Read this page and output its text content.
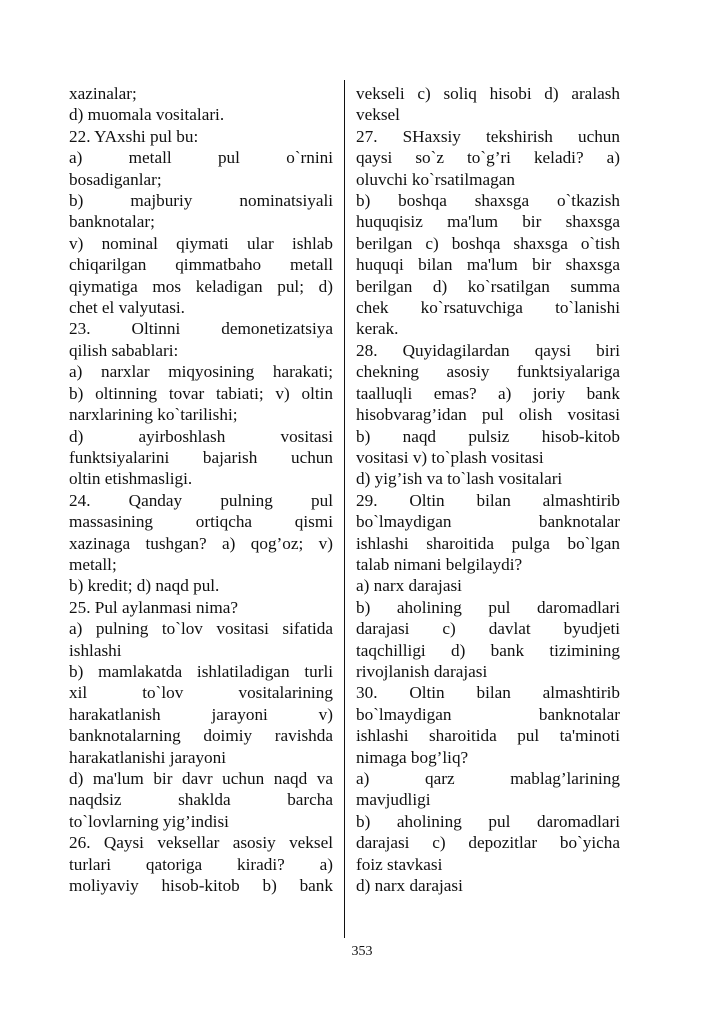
xazinalar;
d) muomala vositalari.
22. YAxshi pul bu:
a) metall pul o`rnini
bosadiganlar;
b) majburiy nominatsiyali
banknotalar;
v) nominal qiymati ular ishlab
chiqarilgan qimmatbaho metall
qiymatiga mos keladigan pul; d)
chet el valyutasi.
23. Oltinni demonetizatsiya
qilish sabablari:
a) narxlar miqyosining harakati;
b) oltinning tovar tabiati; v) oltin
narxlarining ko`tarilishi;
d) ayirboshlash vositasi
funktsiyalarini bajarish uchun
oltin etishmasligi.
24. Qanday pulning pul
massasining ortiqcha qismi
xazinaga tushgan? a) qog’oz; v)
metall;
b) kredit; d) naqd pul.
25. Pul aylanmasi nima?
a) pulning to`lov vositasi sifatida
ishlashi
b) mamlakatda ishlatiladigan turli
xil to`lov vositalarining
harakatlanish jarayoni v)
banknotalarning doimiy ravishda
harakatlanishi jarayoni
d) ma'lum bir davr uchun naqd va
naqdsiz shaklda barcha
to`lovlarning yig’indisi
26. Qaysi veksellar asosiy veksel
turlari qatoriga kiradi? a)
moliyaviy hisob-kitob b) bank
vekseli c) soliq hisobi d) aralash
veksel
27. SHaxsiy tekshirish uchun
qaysi so`z to`g’ri keladi? a)
oluvchi ko`rsatilmagan
b) boshqa shaxsga o`tkazish
huquqisiz ma'lum bir shaxsga
berilgan c) boshqa shaxsga o`tish
huquqi bilan ma'lum bir shaxsga
berilgan d) ko`rsatilgan summa
chek ko`rsatuvchiga to`lanishi
kerak.
28. Quyidagilardan qaysi biri
chekning asosiy funktsiyalariga
taalluqli emas? a) joriy bank
hisobvarag’idan pul olish vositasi
b) naqd pulsiz hisob-kitob
vositasi v) to`plash vositasi
d) yig’ish va to`lash vositalari
29. Oltin bilan almashtirib
bo`lmaydigan banknotalar
ishlashi sharoitida pulga bo`lgan
talab nimani belgilaydi?
a) narx darajasi
b) aholining pul daromadlari
darajasi c) davlat byudjeti
taqchilligi d) bank tizimining
rivojlanish darajasi
30. Oltin bilan almashtirib
bo`lmaydigan banknotalar
ishlashi sharoitida pul ta'minoti
nimaga bog’liq?
a) qarz mablag’larining
mavjudligi
b) aholining pul daromadlari
darajasi c) depozitlar bo`yicha
foiz stavkasi
d) narx darajasi
353
